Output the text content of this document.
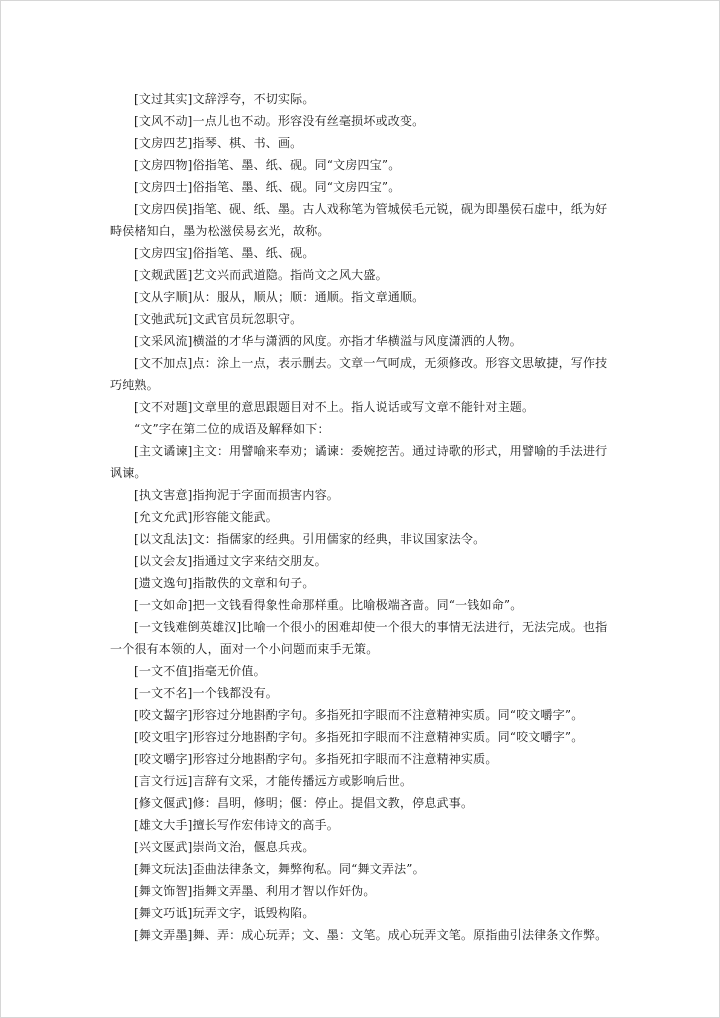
[文过其实]文辞浮夸，不切实际。

[文风不动]一点儿也不动。形容没有丝毫损坏或改变。

[文房四艺]指琴、棋、书、画。

[文房四物]俗指笔、墨、纸、砚。同“文房四宝”。

[文房四士]俗指笔、墨、纸、砚。同“文房四宝”。

[文房四侯]指笔、砚、纸、墨。古人戏称笔为管城侯毛元锐，砚为即墨侯石虚中，纸为好畤侯楮知白，墨为松滋侯易玄光，故称。

[文房四宝]俗指笔、墨、纸、砚。

[文觌武匿]艺文兴而武道隐。指尚文之风大盛。

[文从字顺]从：服从，顺从；顺：通顺。指文章通顺。

[文弛武玩]文武官员玩忽职守。

[文采风流]横溢的才华与潇洒的风度。亦指才华横溢与风度潇洒的人物。

[文不加点]点：涂上一点，表示删去。文章一气呵成，无须修改。形容文思敏捷，写作技巧纯熟。

[文不对题]文章里的意思跟题目对不上。指人说话或写文章不能针对主题。

“文”字在第二位的成语及解释如下：

[主文谲谏]主文：用譬喻来奉劝；谲谏：委婉挖苦。通过诗歌的形式，用譬喻的手法进行讽谏。

[执文害意]指拘泥于字面而损害内容。

[允文允武]形容能文能武。

[以文乱法]文：指儒家的经典。引用儒家的经典，非议国家法令。

[以文会友]指通过文字来结交朋友。

[遗文逸句]指散佚的文章和句子。

[一文如命]把一文钱看得象性命那样重。比喻极端吝啬。同“一钱如命”。

[一文钱难倒英雄汉]比喻一个很小的困难却使一个很大的事情无法进行，无法完成。也指一个很有本领的人，面对一个小问题而束手无策。

[一文不值]指毫无价值。

[一文不名]一个钱都没有。

[咬文齧字]形容过分地斟酌字句。多指死扣字眼而不注意精神实质。同“咬文嚼字”。

[咬文咀字]形容过分地斟酌字句。多指死扣字眼而不注意精神实质。同“咬文嚼字”。

[咬文嚼字]形容过分地斟酌字句。多指死扣字眼而不注意精神实质。

[言文行远]言辞有文采，才能传播远方或影响后世。

[修文偃武]修：昌明，修明；偃：停止。提倡文教，停息武事。

[雄文大手]擅长写作宏伟诗文的高手。

[兴文匽武]崇尚文治，偃息兵戎。

[舞文玩法]歪曲法律条文，舞弊徇私。同“舞文弄法”。

[舞文饰智]指舞文弄墨、利用才智以作奸伪。

[舞文巧诋]玩弄文字，诋毁构陷。

[舞文弄墨]舞、弄：成心玩弄；文、墨：文笔。成心玩弄文笔。原指曲引法律条文作弊。
